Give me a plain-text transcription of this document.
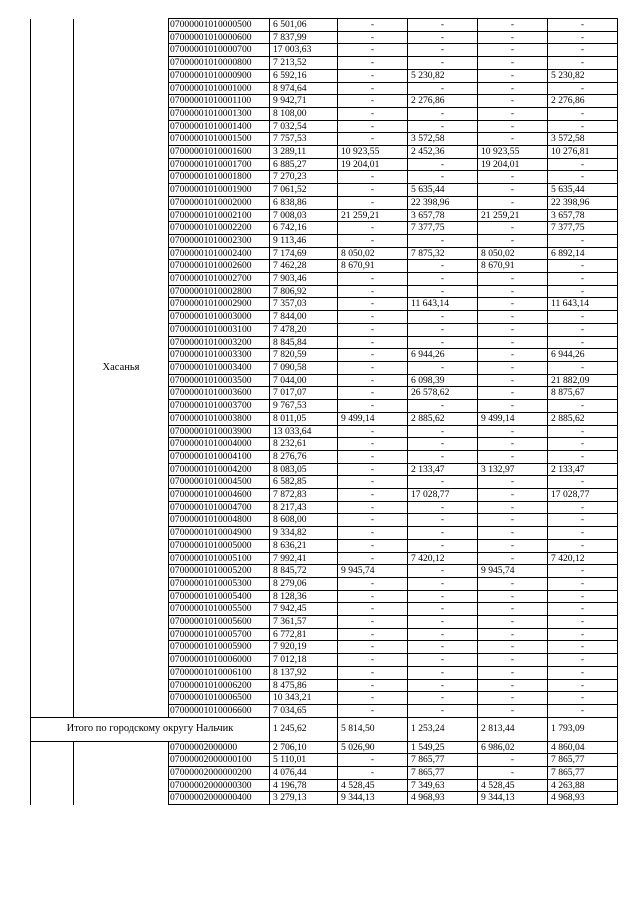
	Хасанья	07000001010000500	6 501,06	-	-	-	-
		07000001010000600	7 837,99	-	-	-	-
		07000001010000700	17 003,63	-	-	-	-
		07000001010000800	7 213,52	-	-	-	-
		07000001010000900	6 592,16	-	5 230,82	-	5 230,82
		07000001010001000	8 974,64	-	-	-	-
		07000001010001100	9 942,71	-	2 276,86	-	2 276,86
		07000001010001300	8 108,00	-	-	-	-
		07000001010001400	7 032,54	-	-	-	-
		07000001010001500	7 757,53	-	3 572,58	-	3 572,58
		07000001010001600	3 289,11	10 923,55	2 452,36	10 923,55	10 276,81
		07000001010001700	6 885,27	19 204,01	-	19 204,01	-
		07000001010001800	7 270,23	-	-	-	-
		07000001010001900	7 061,52	-	5 635,44	-	5 635,44
		07000001010002000	6 838,86	-	22 398,96	-	22 398,96
		07000001010002100	7 008,03	21 259,21	3 657,78	21 259,21	3 657,78
		07000001010002200	6 742,16	-	7 377,75	-	7 377,75
		07000001010002300	9 113,46	-	-	-	-
		07000001010002400	7 174,69	8 050,02	7 875,32	8 050,02	6 892,14
		07000001010002600	7 462,28	8 670,91	-	8 670,91	-
		07000001010002700	7 903,46	-	-	-	-
		07000001010002800	7 806,92	-	-	-	-
		07000001010002900	7 357,03	-	11 643,14	-	11 643,14
		07000001010003000	7 844,00	-	-	-	-
		07000001010003100	7 478,20	-	-	-	-
		07000001010003200	8 845,84	-	-	-	-
		07000001010003300	7 820,59	-	6 944,26	-	6 944,26
		07000001010003400	7 090,58	-	-	-	-
		07000001010003500	7 044,00	-	6 098,39	-	21 882,09
		07000001010003600	7 017,07	-	26 578,62	-	8 875,67
		07000001010003700	9 767,53	-	-	-	-
		07000001010003800	8 011,05	9 499,14	2 885,62	9 499,14	2 885,62
		07000001010003900	13 033,64	-	-	-	-
		07000001010004000	8 232,61	-	-	-	-
		07000001010004100	8 276,76	-	-	-	-
		07000001010004200	8 083,05	-	2 133,47	3 132,97	2 133,47
		07000001010004500	6 582,85	-	-	-	-
		07000001010004600	7 872,83	-	17 028,77	-	17 028,77
		07000001010004700	8 217,43	-	-	-	-
		07000001010004800	8 608,00	-	-	-	-
		07000001010004900	9 334,82	-	-	-	-
		07000001010005000	8 636,21	-	-	-	-
		07000001010005100	7 992,41	-	7 420,12	-	7 420,12
		07000001010005200	8 845,72	9 945,74	-	9 945,74	-
		07000001010005300	8 279,06	-	-	-	-
		07000001010005400	8 128,36	-	-	-	-
		07000001010005500	7 942,45	-	-	-	-
		07000001010005600	7 361,57	-	-	-	-
		07000001010005700	6 772,81	-	-	-	-
		07000001010005900	7 920,19	-	-	-	-
		07000001010006000	7 012,18	-	-	-	-
		07000001010006100	8 137,92	-	-	-	-
		07000001010006200	8 475,86	-	-	-	-
		07000001010006500	10 343,21	-	-	-	-
		07000001010006600	7 034,65	-	-	-	-
Итого по городскому округу Нальчик			1 245,62	5 814,50	1 253,24	2 813,44	1 793,09
		07000002000000	2 706,10	5 026,90	1 549,25	6 986,02	4 860,04
		07000002000000100	5 110,01	-	7 865,77	-	7 865,77
		07000002000000200	4 076,44	-	7 865,77	-	7 865,77
		07000002000000300	4 196,78	4 528,45	7 349,63	4 528,45	4 263,88
		07000002000000400	3 279,13	9 344,13	4 968,93	9 344,13	4 968,93
